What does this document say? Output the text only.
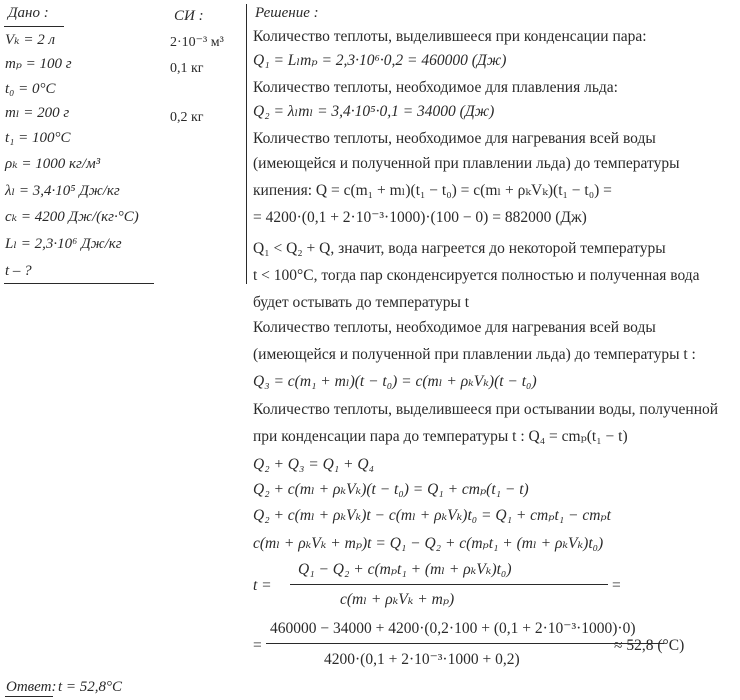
Дано :
Vₖ = 2 л
mₚ = 100 г
t₀ = 0°C
mₗ = 200 г
t₁ = 100°C
ρₖ = 1000 кг/м³
λₗ = 3,4·10⁵ Дж/кг
cₖ = 4200 Дж/(кг·°C)
Lₗ = 2,3·10⁶ Дж/кг
t – ?
СИ :
2·10⁻³ м³
0,1 кг
0,2 кг
Решение :
Количество теплоты, выделившееся при конденсации пара:
Q₁ = Lₗmₚ = 2,3·10⁶·0,2 = 460000 (Дж)
Количество теплоты, необходимое для плавления льда:
Q₂ = λₗmₗ = 3,4·10⁵·0,1 = 34000 (Дж)
Количество теплоты, необходимое для нагревания всей воды
(имеющейся и полученной при плавлении льда) до температуры
кипения: Q = c(m₁ + mₗ)(t₁ − t₀) = c(mₗ + ρₖVₖ)(t₁ − t₀) =
= 4200·(0,1 + 2·10⁻³·1000)·(100 − 0) = 882000 (Дж)
Q₁ < Q₂ + Q, значит, вода нагреется до некоторой температуры
t < 100°C, тогда пар сконденсируется полностью и полученная вода
будет остывать до температуры t
Количество теплоты, необходимое для нагревания всей воды
(имеющейся и полученной при плавлении льда) до температуры t :
Q₃ = c(m₁ + mₗ)(t − t₀) = c(mₗ + ρₖVₖ)(t − t₀)
Количество теплоты, выделившееся при остывании воды, полученной
при конденсации пара до температуры t : Q₄ = cmₚ(t₁ − t)
Q₂ + Q₃ = Q₁ + Q₄
Q₂ + c(mₗ + ρₖVₖ)(t − t₀) = Q₁ + cmₚ(t₁ − t)
Q₂ + c(mₗ + ρₖVₖ)t − c(mₗ + ρₖVₖ)t₀ = Q₁ + cmₚt₁ − cmₚt
c(mₗ + ρₖVₖ + mₚ)t = Q₁ − Q₂ + c(mₚt₁ + (mₗ + ρₖVₖ)t₀)
t =
Q₁ − Q₂ + c(mₚt₁ + (mₗ + ρₖVₖ)t₀)
c(mₗ + ρₖVₖ + mₚ)
=
=
460000 − 34000 + 4200·(0,2·100 + (0,1 + 2·10⁻³·1000)·0)
4200·(0,1 + 2·10⁻³·1000 + 0,2)
≈ 52,8 (°C)
Ответ: t = 52,8°C
